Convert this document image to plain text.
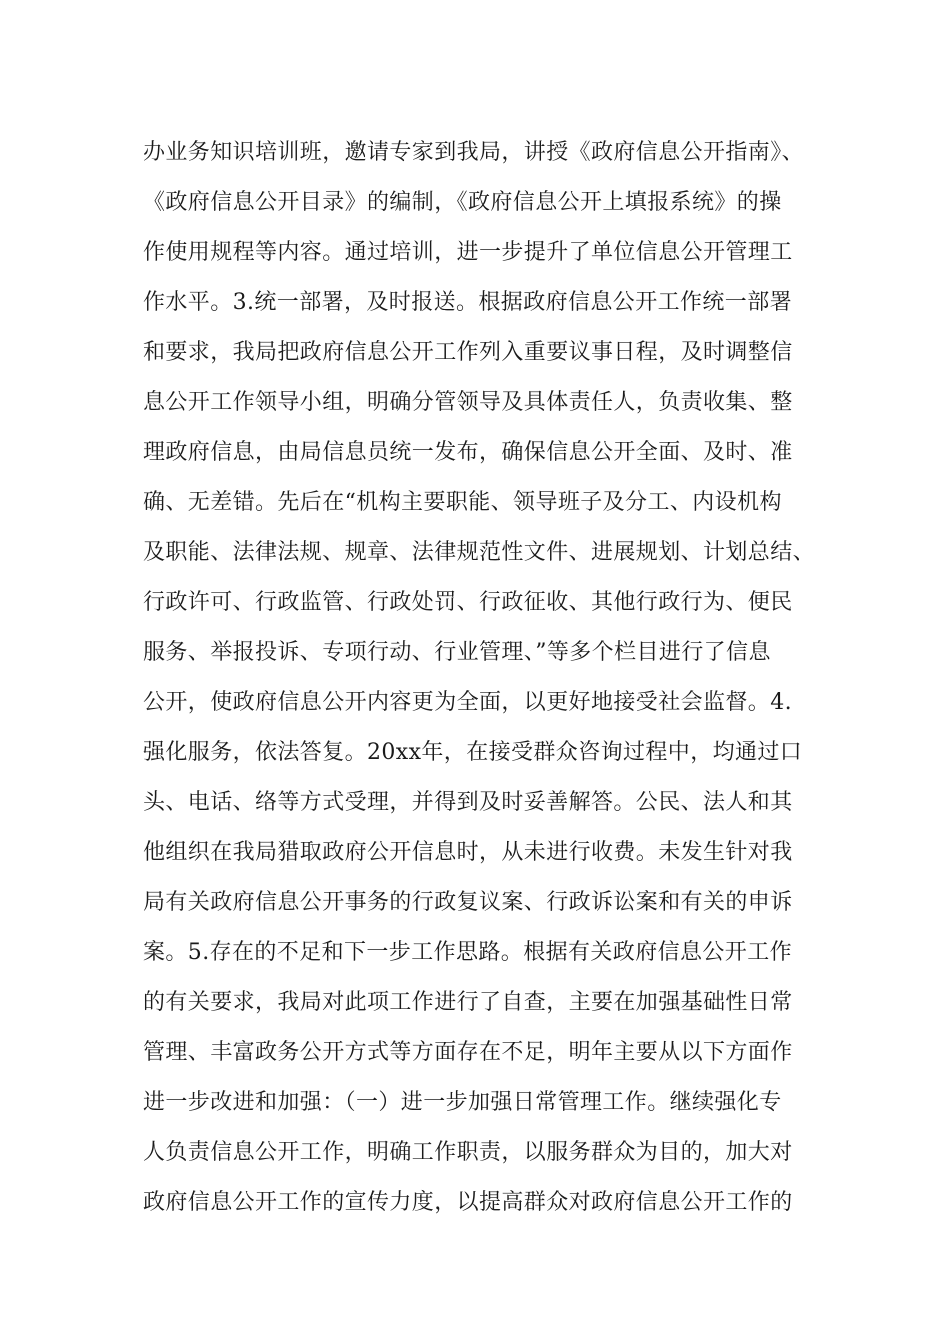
办业务知识培训班，邀请专家到我局，讲授《政府信息公开指南》、
《政府信息公开目录》的编制，《政府信息公开上填报系统》的操
作使用规程等内容。通过培训，进一步提升了单位信息公开管理工
作水平。3.统一部署，及时报送。根据政府信息公开工作统一部署
和要求，我局把政府信息公开工作列入重要议事日程，及时调整信
息公开工作领导小组，明确分管领导及具体责任人，负责收集、整
理政府信息，由局信息员统一发布，确保信息公开全面、及时、准
确、无差错。先后在“机构主要职能、领导班子及分工、内设机构
及职能、法律法规、规章、法律规范性文件、进展规划、计划总结、
行政许可、行政监管、行政处罚、行政征收、其他行政行为、便民
服务、举报投诉、专项行动、行业管理、”等多个栏目进行了信息
公开，使政府信息公开内容更为全面，以更好地接受社会监督。4.
强化服务，依法答复。20xx年，在接受群众咨询过程中，均通过口
头、电话、络等方式受理，并得到及时妥善解答。公民、法人和其
他组织在我局猎取政府公开信息时，从未进行收费。未发生针对我
局有关政府信息公开事务的行政复议案、行政诉讼案和有关的申诉
案。5.存在的不足和下一步工作思路。根据有关政府信息公开工作
的有关要求，我局对此项工作进行了自查，主要在加强基础性日常
管理、丰富政务公开方式等方面存在不足，明年主要从以下方面作
进一步改进和加强：（一）进一步加强日常管理工作。继续强化专
人负责信息公开工作，明确工作职责，以服务群众为目的，加大对
政府信息公开工作的宣传力度，以提高群众对政府信息公开工作的
